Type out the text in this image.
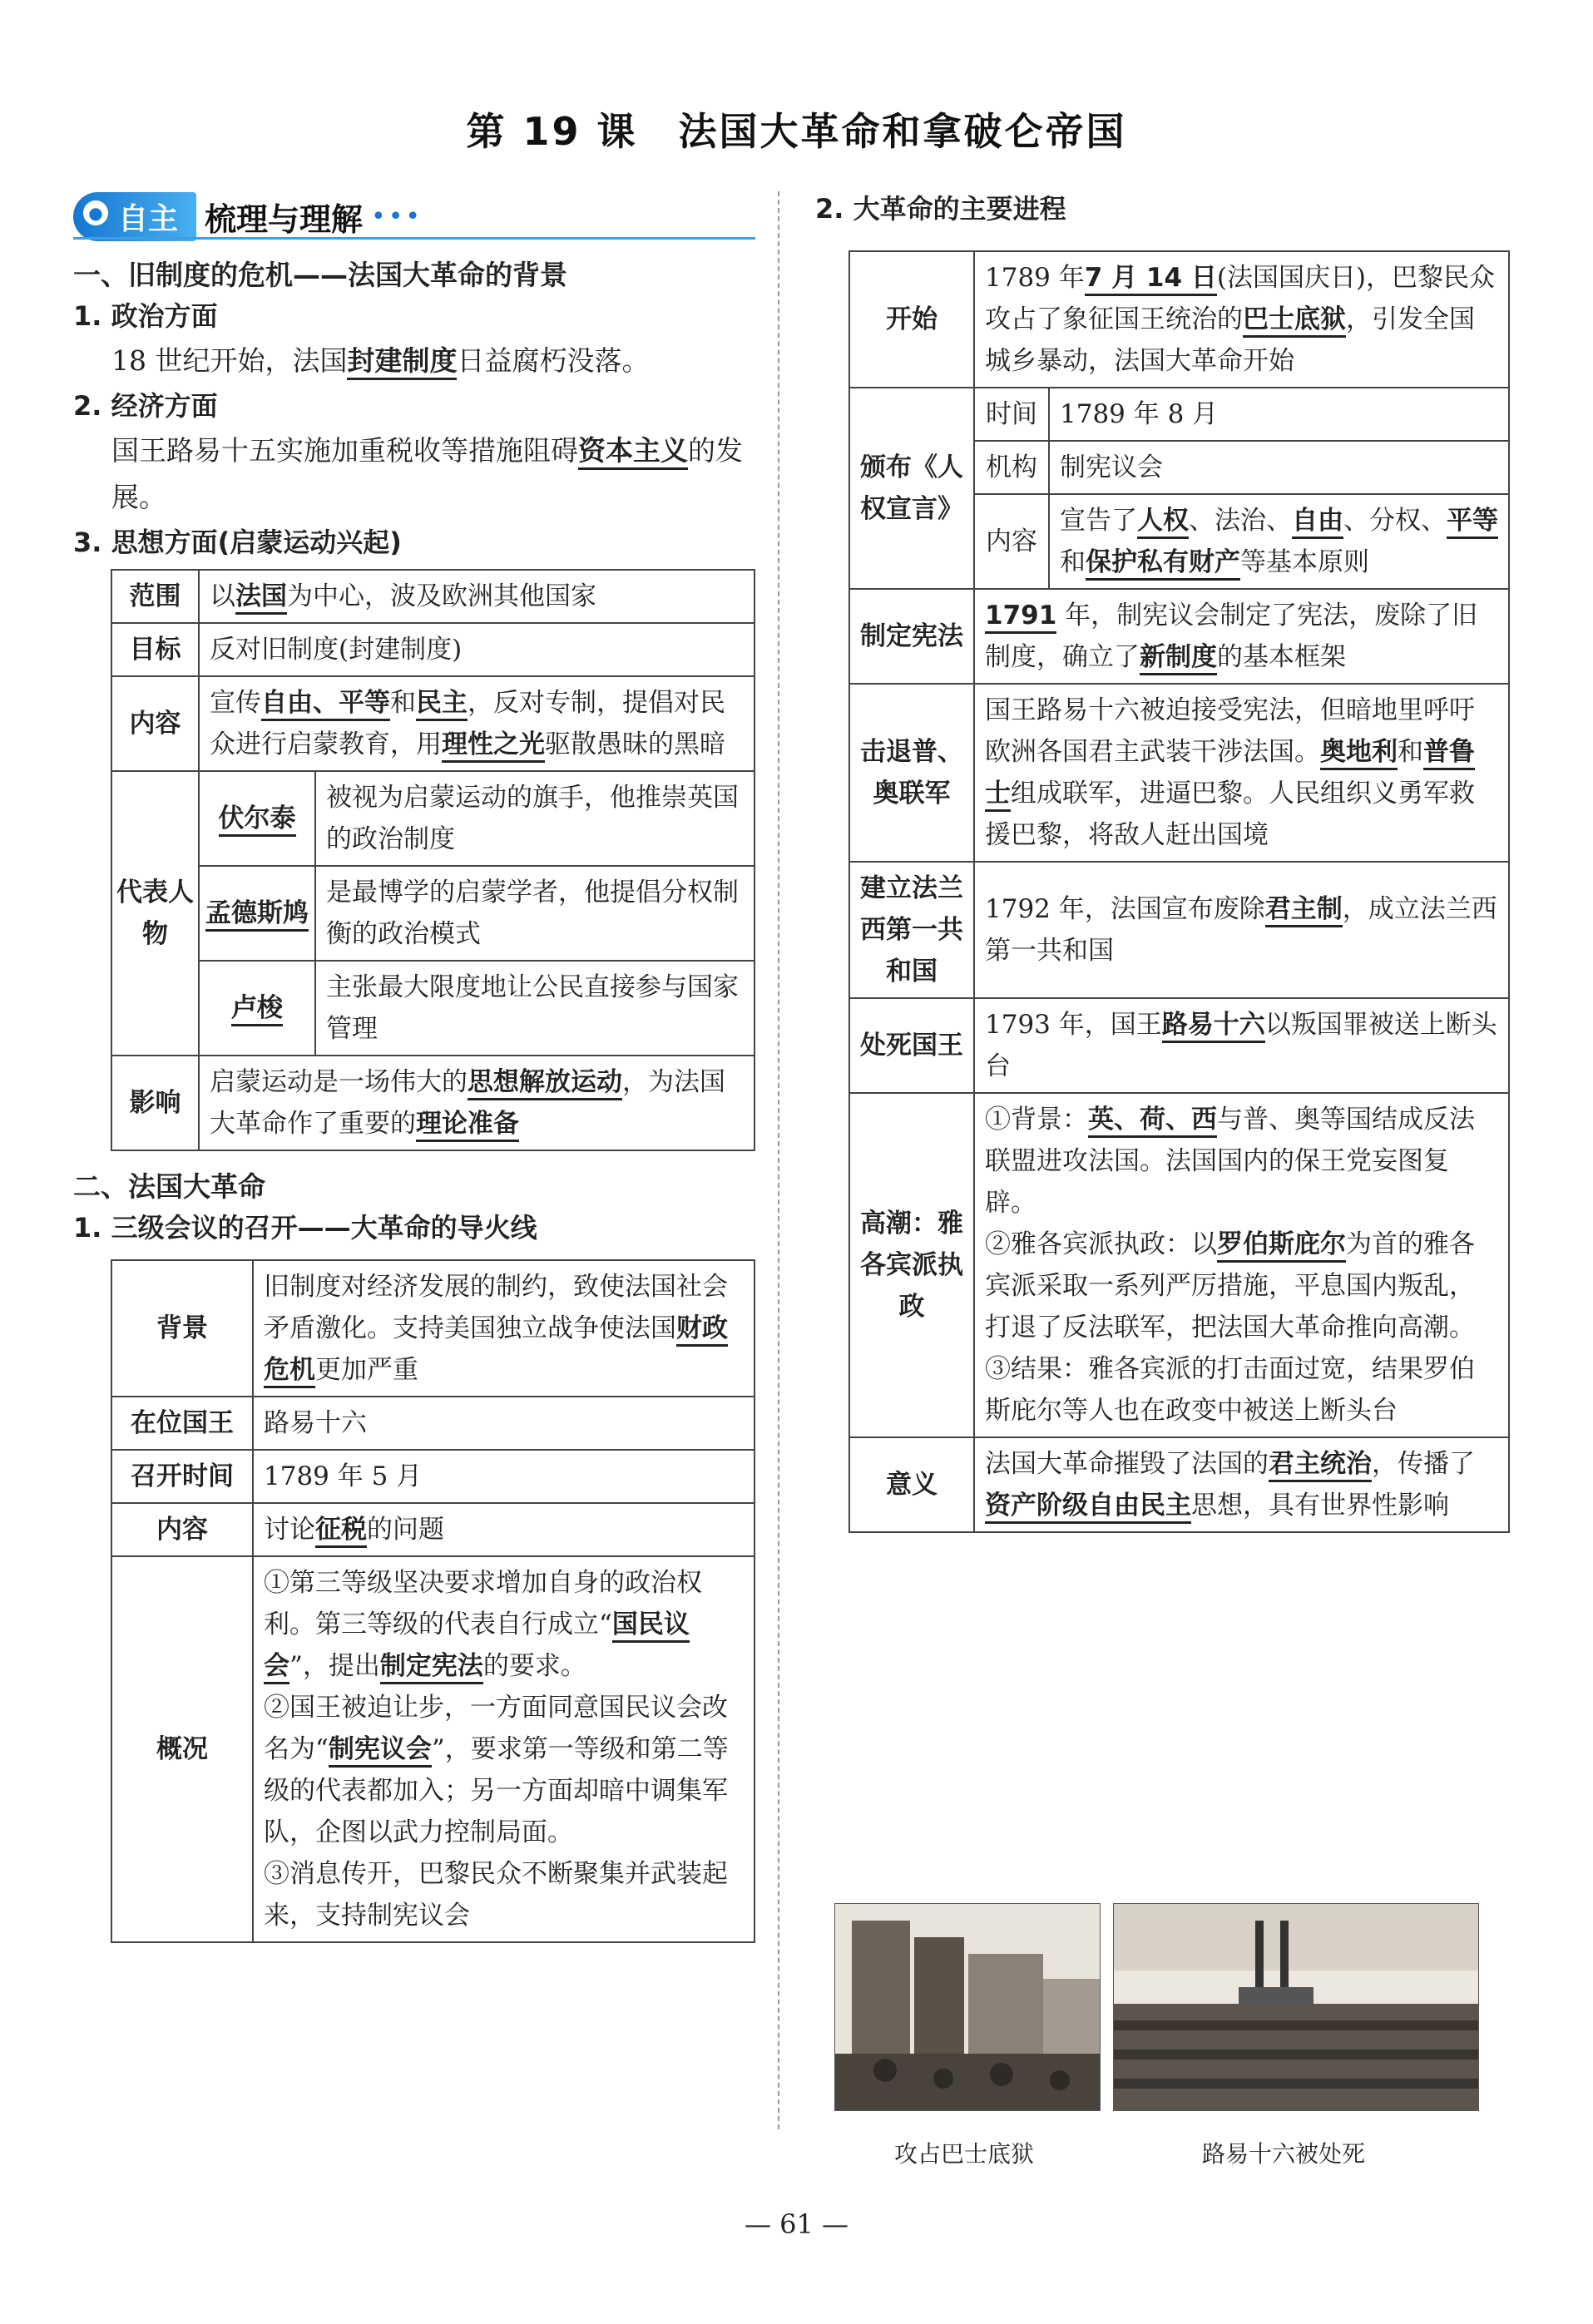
第 19 课　法国大革命和拿破仑帝国
● 自主 梳理与理解 •••
一、旧制度的危机——法国大革命的背景
1. 政治方面
18 世纪开始，法国封建制度日益腐朽没落。
2. 经济方面
国王路易十五实施加重税收等措施阻碍资本主义的发展。
3. 思想方面(启蒙运动兴起)
范围	以法国为中心，波及欧洲其他国家	
目标	反对旧制度(封建制度)	
内容	宣传自由、平等和民主，反对专制，提倡对民众进行启蒙教育，用理性之光驱散愚昧的黑暗	
代表人物	伏尔泰	被视为启蒙运动的旗手，他推崇英国的政治制度
	孟德斯鸠	是最博学的启蒙学者，他提倡分权制衡的政治模式
	卢梭	主张最大限度地让公民直接参与国家管理
影响	启蒙运动是一场伟大的思想解放运动，为法国大革命作了重要的理论准备	
二、法国大革命
1. 三级会议的召开——大革命的导火线
背景	旧制度对经济发展的制约，致使法国社会矛盾激化。支持美国独立战争使法国财政危机更加严重
在位国王	路易十六
召开时间	1789 年 5 月
内容	讨论征税的问题
概况	①第三等级坚决要求增加自身的政治权利。第三等级的代表自行成立“国民议会”，提出制定宪法的要求。
②国王被迫让步，一方面同意国民议会改名为“制宪议会”，要求第一等级和第二等级的代表都加入；另一方面却暗中调集军队，企图以武力控制局面。
③消息传开，巴黎民众不断聚集并武装起来，支持制宪议会
2. 大革命的主要进程
开始	1789 年7 月 14 日(法国国庆日)，巴黎民众攻占了象征国王统治的巴士底狱，引发全国城乡暴动，法国大革命开始	
颁布《人权宣言》	时间	1789 年 8 月
	机构	制宪议会
	内容	宣告了人权、法治、自由、分权、平等和保护私有财产等基本原则
制定宪法	1791 年，制宪议会制定了宪法，废除了旧制度，确立了新制度的基本框架	
击退普、奥联军	国王路易十六被迫接受宪法，但暗地里呼吁欧洲各国君主武装干涉法国。奥地利和普鲁士组成联军，进逼巴黎。人民组织义勇军救援巴黎，将敌人赶出国境	
建立法兰西第一共和国	1792 年，法国宣布废除君主制，成立法兰西第一共和国	
处死国王	1793 年，国王路易十六以叛国罪被送上断头台	
高潮：雅各宾派执政	①背景：英、荷、西与普、奥等国结成反法联盟进攻法国。法国国内的保王党妄图复辟。
②雅各宾派执政：以罗伯斯庇尔为首的雅各宾派采取一系列严厉措施，平息国内叛乱，打退了反法联军，把法国大革命推向高潮。
③结果：雅各宾派的打击面过宽，结果罗伯斯庇尔等人也在政变中被送上断头台	

意义	法国大革命摧毁了法国的君主统治，传播了资产阶级自由民主思想，具有世界性影响	
攻占巴士底狱	路易十六被处死
— 61 —
